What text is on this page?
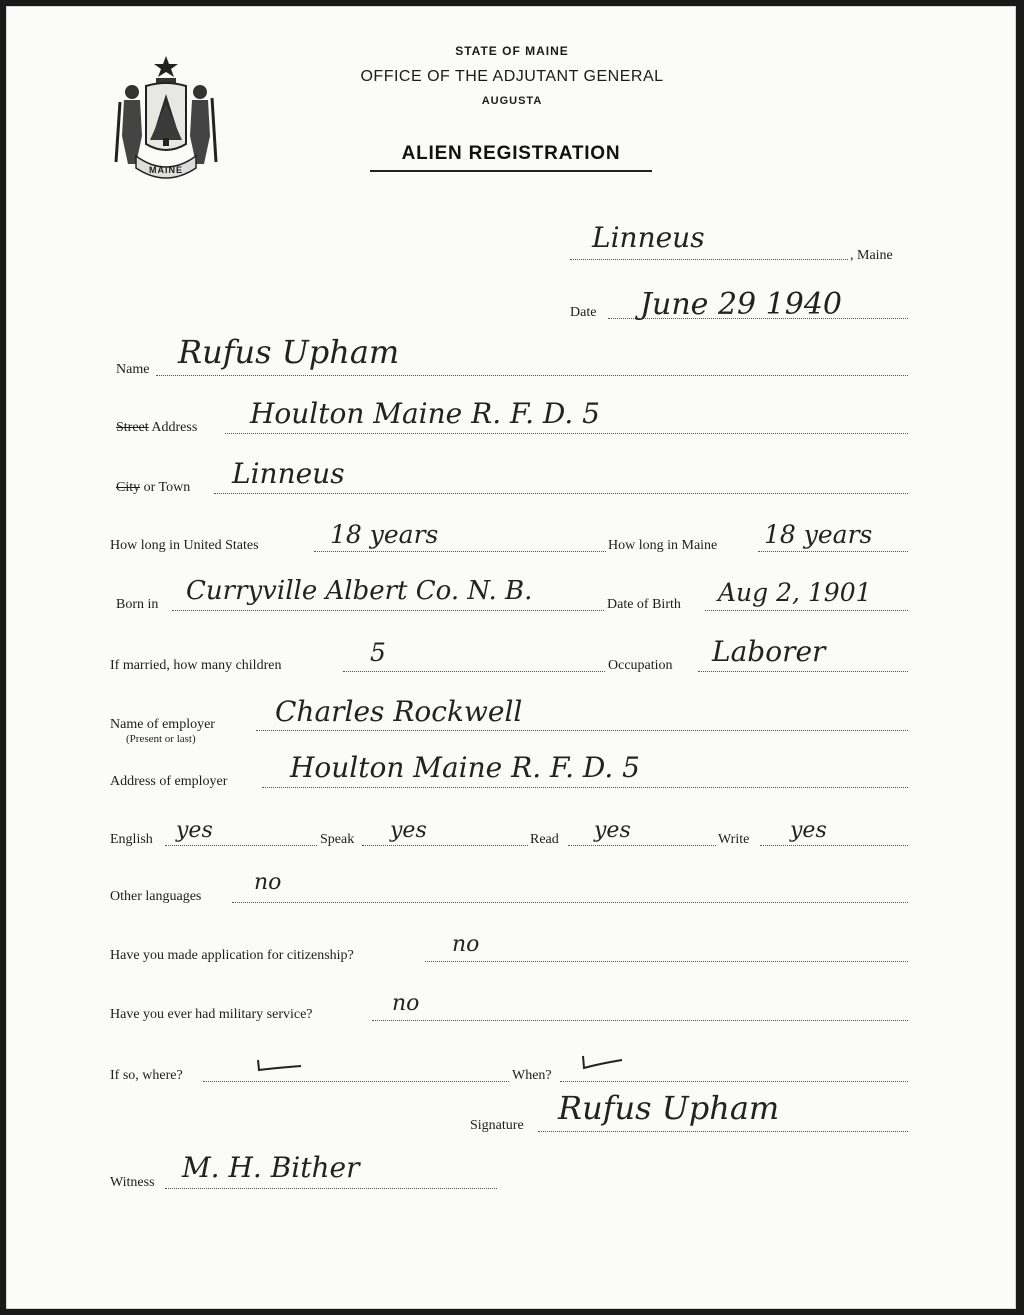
MAINE
STATE OF MAINE
OFFICE OF THE ADJUTANT GENERAL
AUGUSTA
ALIEN REGISTRATION
Linneus
, Maine
Date June 29 1940
Name Rufus Upham
Street Address Houlton Maine R. F. D. 5
City or Town Linneus
How long in United States	18 years	How long in Maine 18 years
Born in Curryville Albert Co. N. B.	Date of Birth Aug 2, 1901
If married, how many children	5	Occupation Laborer
Name of employer
(Present or last)
Charles Rockwell
Address of employer Houlton Maine R. F. D. 5
English yes	Speak yes	Read yes	Write yes
Other languages
no
Have you made application for citizenship?	no
Have you ever had military service?	no
If so, where?	When?
Signature Rufus Upham
Witness M. H. Bither
